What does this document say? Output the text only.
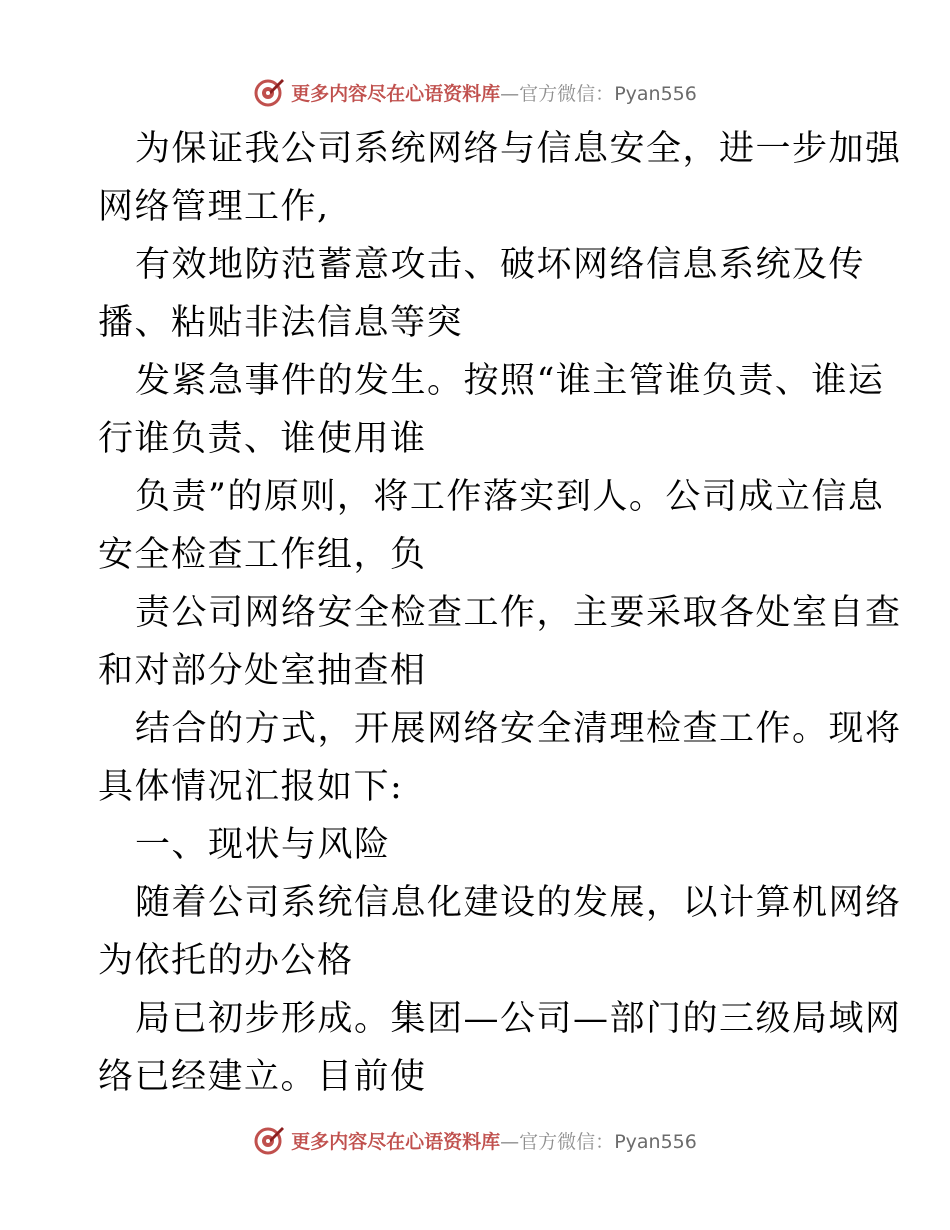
更多内容尽在心语资料库—官方微信：Pyan556
为保证我公司系统网络与信息安全，进一步加强
网络管理工作,
有效地防范蓄意攻击、破坏网络信息系统及传
播、粘贴非法信息等突
发紧急事件的发生。按照“谁主管谁负责、谁运
行谁负责、谁使用谁
负责”的原则，将工作落实到人。公司成立信息
安全检查工作组，负
责公司网络安全检查工作，主要采取各处室自查
和对部分处室抽查相
结合的方式，开展网络安全清理检查工作。现将
具体情况汇报如下:
一、现状与风险
随着公司系统信息化建设的发展，以计算机网络
为依托的办公格
局已初步形成。集团—公司—部门的三级局域网
络已经建立。目前使
更多内容尽在心语资料库—官方微信：Pyan556
